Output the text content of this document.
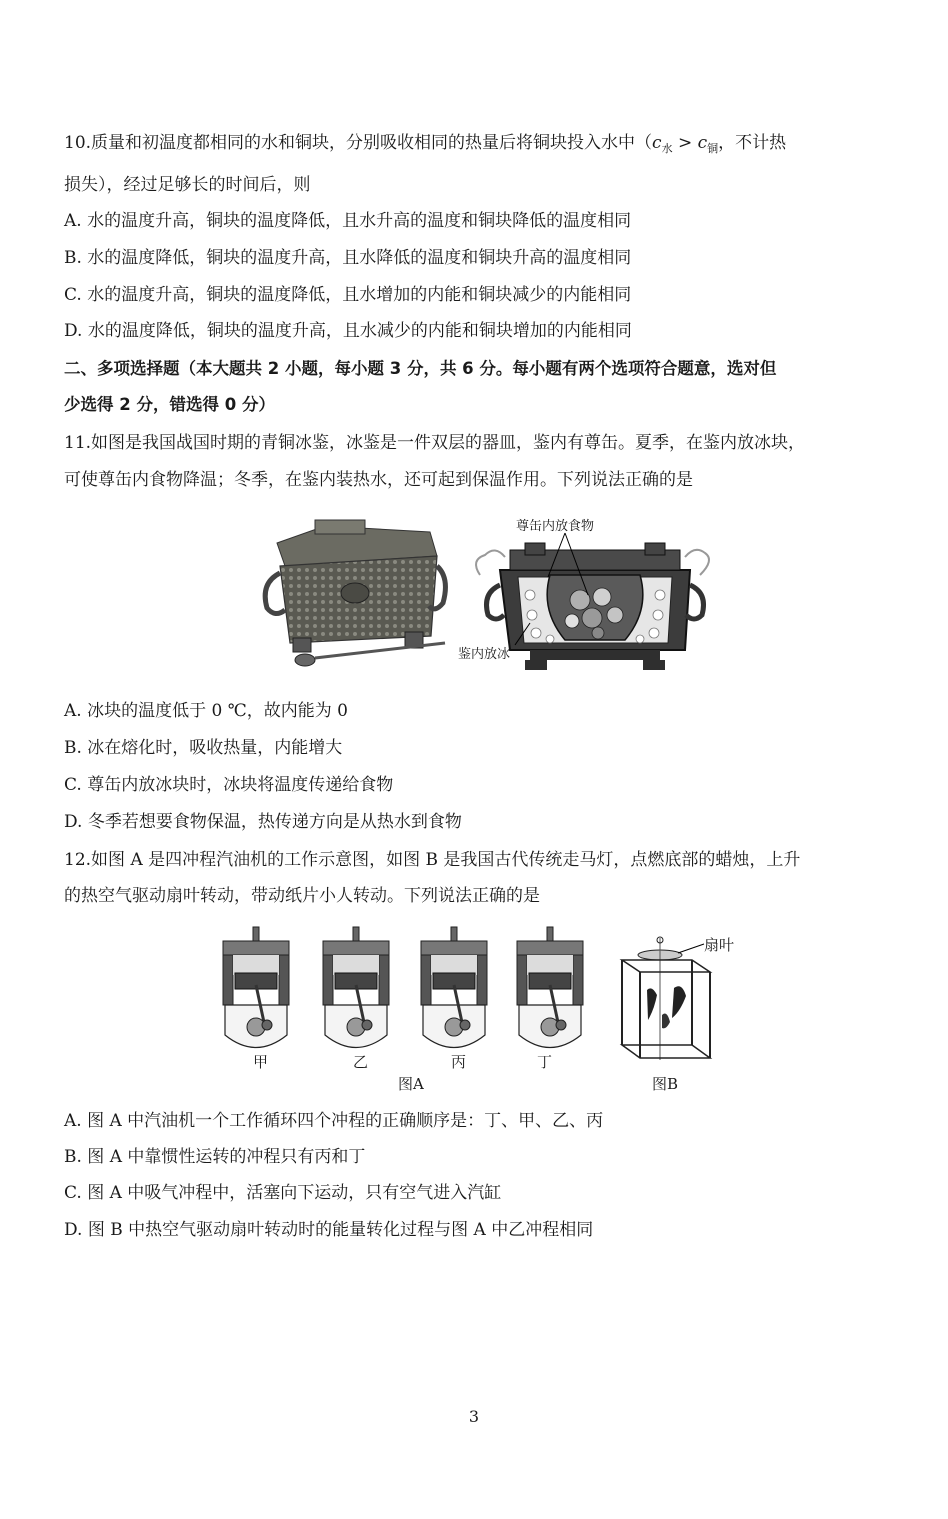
10.质量和初温度都相同的水和铜块，分别吸收相同的热量后将铜块投入水中（$c_水 > c_铜$，不计热
损失），经过足够长的时间后，则
A. 水的温度升高，铜块的温度降低，且水升高的温度和铜块降低的温度相同
B. 水的温度降低，铜块的温度升高，且水降低的温度和铜块升高的温度相同
C. 水的温度升高，铜块的温度降低，且水增加的内能和铜块减少的内能相同
D. 水的温度降低，铜块的温度升高，且水减少的内能和铜块增加的内能相同
二、多项选择题（本大题共 2 小题，每小题 3 分，共 6 分。每小题有两个选项符合题意，选对但
少选得 2 分，错选得 0 分）
11.如图是我国战国时期的青铜冰鉴，冰鉴是一件双层的器皿，鉴内有尊缶。夏季，在鉴内放冰块，
可使尊缶内食物降温；冬季，在鉴内装热水，还可起到保温作用。下列说法正确的是
尊缶内放食物
鉴内放冰
A. 冰块的温度低于 0 ℃，故内能为 0
B. 冰在熔化时，吸收热量，内能增大
C. 尊缶内放冰块时，冰块将温度传递给食物
D. 冬季若想要食物保温，热传递方向是从热水到食物
12.如图 A 是四冲程汽油机的工作示意图，如图 B 是我国古代传统走马灯，点燃底部的蜡烛，上升
的热空气驱动扇叶转动，带动纸片小人转动。下列说法正确的是
甲	乙	丙	丁
图A
扇叶
图B
A. 图 A 中汽油机一个工作循环四个冲程的正确顺序是：丁、甲、乙、丙
B. 图 A 中靠惯性运转的冲程只有丙和丁
C. 图 A 中吸气冲程中，活塞向下运动，只有空气进入汽缸
D. 图 B 中热空气驱动扇叶转动时的能量转化过程与图 A 中乙冲程相同
3
